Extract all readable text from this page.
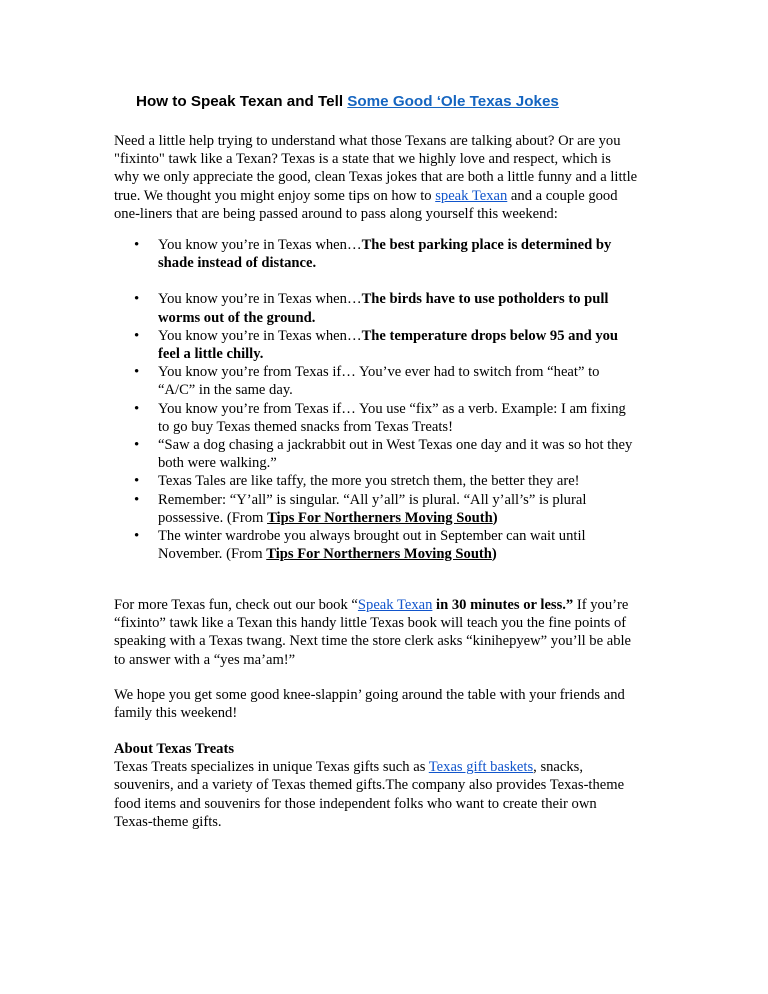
How to Speak Texan and Tell Some Good ‘Ole Texas Jokes
Need a little help trying to understand what those Texans are talking about? Or are you
"fixinto" tawk like a Texan? Texas is a state that we highly love and respect, which is
why we only appreciate the good, clean Texas jokes that are both a little funny and a little
true. We thought you might enjoy some tips on how to speak Texan and a couple good
one-liners that are being passed around to pass along yourself this weekend:
• You know you’re in Texas when…The best parking place is determined by
shade instead of distance.
• You know you’re in Texas when…The birds have to use potholders to pull
worms out of the ground.
• You know you’re in Texas when…The temperature drops below 95 and you
feel a little chilly.
• You know you’re from Texas if… You’ve ever had to switch from “heat” to
“A/C” in the same day.
• You know you’re from Texas if… You use “fix” as a verb. Example: I am fixing
to go buy Texas themed snacks from Texas Treats!
• “Saw a dog chasing a jackrabbit out in West Texas one day and it was so hot they
both were walking.”
• Texas Tales are like taffy, the more you stretch them, the better they are!
• Remember: “Y’all” is singular. “All y’all” is plural. “All y’all’s” is plural
possessive. (From Tips For Northerners Moving South)
• The winter wardrobe you always brought out in September can wait until
November. (From Tips For Northerners Moving South)
For more Texas fun, check out our book “Speak Texan in 30 minutes or less.” If you’re
“fixinto” tawk like a Texan this handy little Texas book will teach you the fine points of
speaking with a Texas twang. Next time the store clerk asks “kinihepyew” you’ll be able
to answer with a “yes ma’am!”
We hope you get some good knee-slappin’ going around the table with your friends and
family this weekend!
About Texas Treats
Texas Treats specializes in unique Texas gifts such as Texas gift baskets, snacks,
souvenirs, and a variety of Texas themed gifts.The company also provides Texas-theme
food items and souvenirs for those independent folks who want to create their own
Texas-theme gifts.
